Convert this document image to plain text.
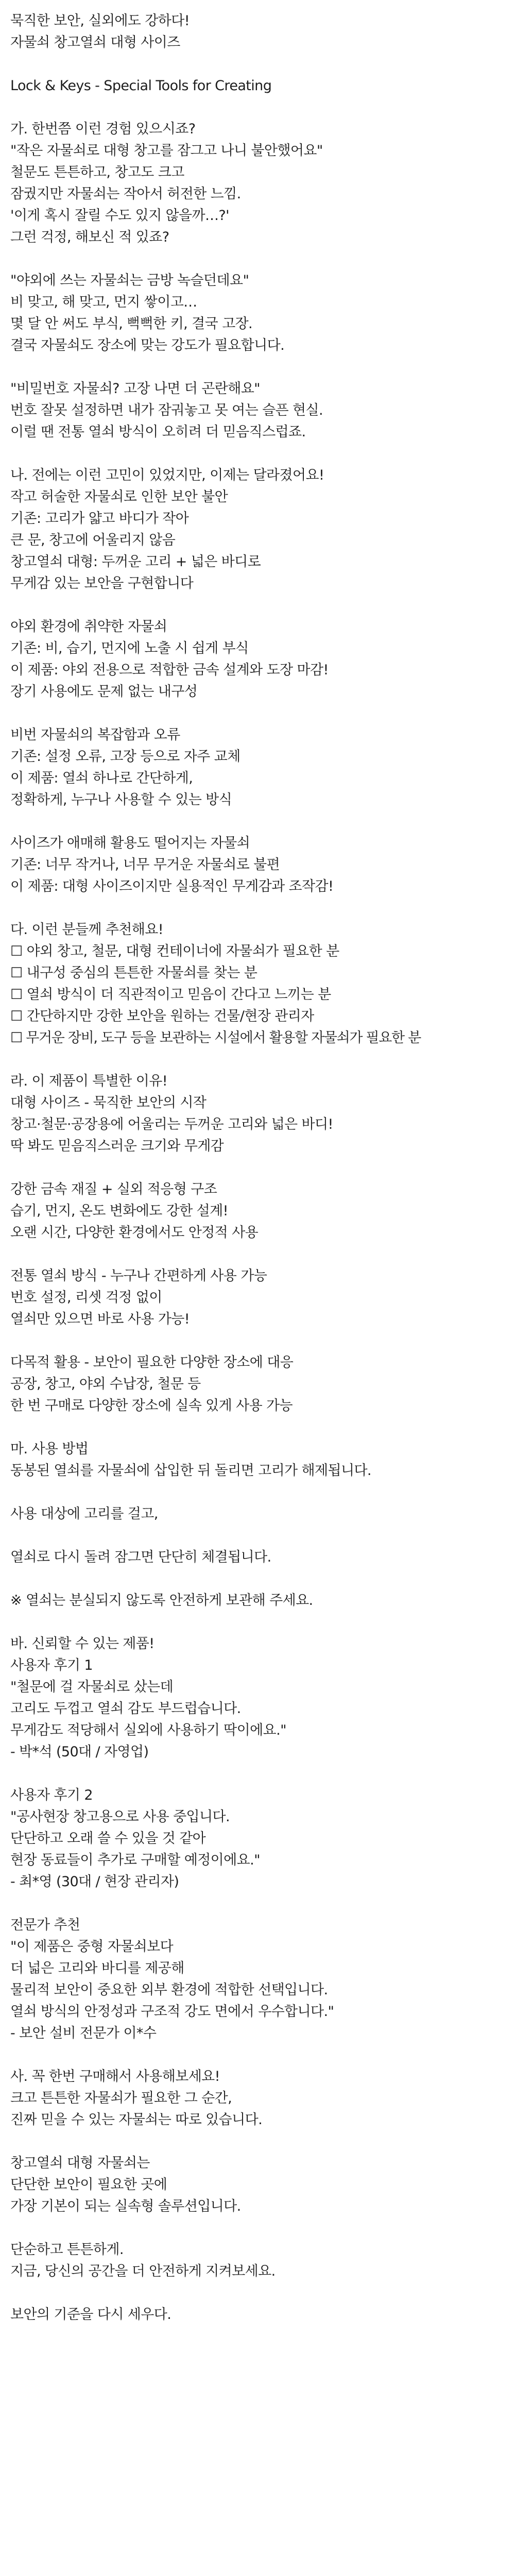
묵직한 보안, 실외에도 강하다!
자물쇠 창고열쇠 대형 사이즈
Lock & Keys - Special Tools for Creating
가. 한번쯤 이런 경험 있으시죠?
"작은 자물쇠로 대형 창고를 잠그고 나니 불안했어요"
철문도 튼튼하고, 창고도 크고
잠궜지만 자물쇠는 작아서 허전한 느낌.
'이게 혹시 잘릴 수도 있지 않을까…?'
그런 걱정, 해보신 적 있죠?
"야외에 쓰는 자물쇠는 금방 녹슬던데요"
비 맞고, 해 맞고, 먼지 쌓이고…
몇 달 안 써도 부식, 뻑뻑한 키, 결국 고장.
결국 자물쇠도 장소에 맞는 강도가 필요합니다.
"비밀번호 자물쇠? 고장 나면 더 곤란해요"
번호 잘못 설정하면 내가 잠궈놓고 못 여는 슬픈 현실.
이럴 땐 전통 열쇠 방식이 오히려 더 믿음직스럽죠.
나. 전에는 이런 고민이 있었지만, 이제는 달라졌어요!
작고 허술한 자물쇠로 인한 보안 불안
기존: 고리가 얇고 바디가 작아
큰 문, 창고에 어울리지 않음
창고열쇠 대형: 두꺼운 고리 + 넓은 바디로
무게감 있는 보안을 구현합니다
야외 환경에 취약한 자물쇠
기존: 비, 습기, 먼지에 노출 시 쉽게 부식
이 제품: 야외 전용으로 적합한 금속 설계와 도장 마감!
장기 사용에도 문제 없는 내구성
비번 자물쇠의 복잡함과 오류
기존: 설정 오류, 고장 등으로 자주 교체
이 제품: 열쇠 하나로 간단하게,
정확하게, 누구나 사용할 수 있는 방식
사이즈가 애매해 활용도 떨어지는 자물쇠
기존: 너무 작거나, 너무 무거운 자물쇠로 불편
이 제품: 대형 사이즈이지만 실용적인 무게감과 조작감!
다. 이런 분들께 추천해요!
☐ 야외 창고, 철문, 대형 컨테이너에 자물쇠가 필요한 분
☐ 내구성 중심의 튼튼한 자물쇠를 찾는 분
☐ 열쇠 방식이 더 직관적이고 믿음이 간다고 느끼는 분
☐ 간단하지만 강한 보안을 원하는 건물/현장 관리자
☐ 무거운 장비, 도구 등을 보관하는 시설에서 활용할 자물쇠가 필요한 분
라. 이 제품이 특별한 이유!
대형 사이즈 - 묵직한 보안의 시작
창고·철문·공장용에 어울리는 두꺼운 고리와 넓은 바디!
딱 봐도 믿음직스러운 크기와 무게감
강한 금속 재질 + 실외 적응형 구조
습기, 먼지, 온도 변화에도 강한 설계!
오랜 시간, 다양한 환경에서도 안정적 사용
전통 열쇠 방식 - 누구나 간편하게 사용 가능
번호 설정, 리셋 걱정 없이
열쇠만 있으면 바로 사용 가능!
다목적 활용 - 보안이 필요한 다양한 장소에 대응
공장, 창고, 야외 수납장, 철문 등
한 번 구매로 다양한 장소에 실속 있게 사용 가능
마. 사용 방법
동봉된 열쇠를 자물쇠에 삽입한 뒤 돌리면 고리가 해제됩니다.
사용 대상에 고리를 걸고,
열쇠로 다시 돌려 잠그면 단단히 체결됩니다.
※ 열쇠는 분실되지 않도록 안전하게 보관해 주세요.
바. 신뢰할 수 있는 제품!
사용자 후기 1
"철문에 걸 자물쇠로 샀는데
고리도 두껍고 열쇠 감도 부드럽습니다.
무게감도 적당해서 실외에 사용하기 딱이에요."
- 박*석 (50대 / 자영업)
사용자 후기 2
"공사현장 창고용으로 사용 중입니다.
단단하고 오래 쓸 수 있을 것 같아
현장 동료들이 추가로 구매할 예정이에요."
- 최*영 (30대 / 현장 관리자)
전문가 추천
"이 제품은 중형 자물쇠보다
더 넓은 고리와 바디를 제공해
물리적 보안이 중요한 외부 환경에 적합한 선택입니다.
열쇠 방식의 안정성과 구조적 강도 면에서 우수합니다."
- 보안 설비 전문가 이*수
사. 꼭 한번 구매해서 사용해보세요!
크고 튼튼한 자물쇠가 필요한 그 순간,
진짜 믿을 수 있는 자물쇠는 따로 있습니다.
창고열쇠 대형 자물쇠는
단단한 보안이 필요한 곳에
가장 기본이 되는 실속형 솔루션입니다.
단순하고 튼튼하게.
지금, 당신의 공간을 더 안전하게 지켜보세요.
보안의 기준을 다시 세우다.
